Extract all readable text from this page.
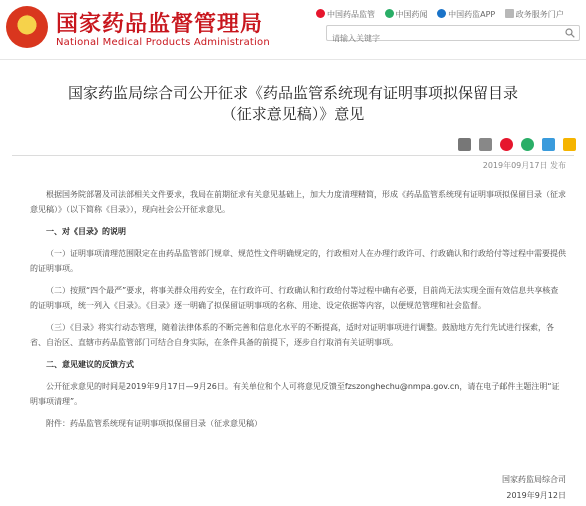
★ 国家药品监督管理局
National Medical Products Administration
中国药品监管	中国药闻	中国药监APP	政务服务门户
请输入关键字
国家药监局综合司公开征求《药品监管系统现有证明事项拟保留目录
（征求意见稿）》意见

2019年09月17日 发布

根据国务院部署及司法部相关文件要求，我局在前期征求有关意见基础上，加大力度清理精简，形成《药品监管系统现有证明事项拟保留目录（征求意见稿）》（以下简称《目录》），现向社会公开征求意见。

一、对《目录》的说明

（一）证明事项清理范围限定在由药品监管部门规章、规范性文件明确规定的，行政相对人在办理行政许可、行政确认和行政给付等过程中需要提供的证明事项。

（二）按照“四个最严”要求，将事关群众用药安全，在行政许可、行政确认和行政给付等过程中确有必要，目前尚无法实现全面有效信息共享核查的证明事项，统一列入《目录》。《目录》逐一明确了拟保留证明事项的名称、用途、设定依据等内容，以便规范管理和社会监督。

（三）《目录》将实行动态管理，随着法律体系的不断完善和信息化水平的不断提高，适时对证明事项进行调整。鼓励地方先行先试进行探索，各省、自治区、直辖市药品监管部门可结合自身实际，在条件具备的前提下，逐步自行取消有关证明事项。

二、意见建议的反馈方式

公开征求意见的时间是2019年9月17日—9月26日。有关单位和个人可将意见反馈至fzszonghechu@nmpa.gov.cn，请在电子邮件主题注明“证明事项清理”。

附件：药品监管系统现有证明事项拟保留目录（征求意见稿）

国家药监局综合司
2019年9月12日
